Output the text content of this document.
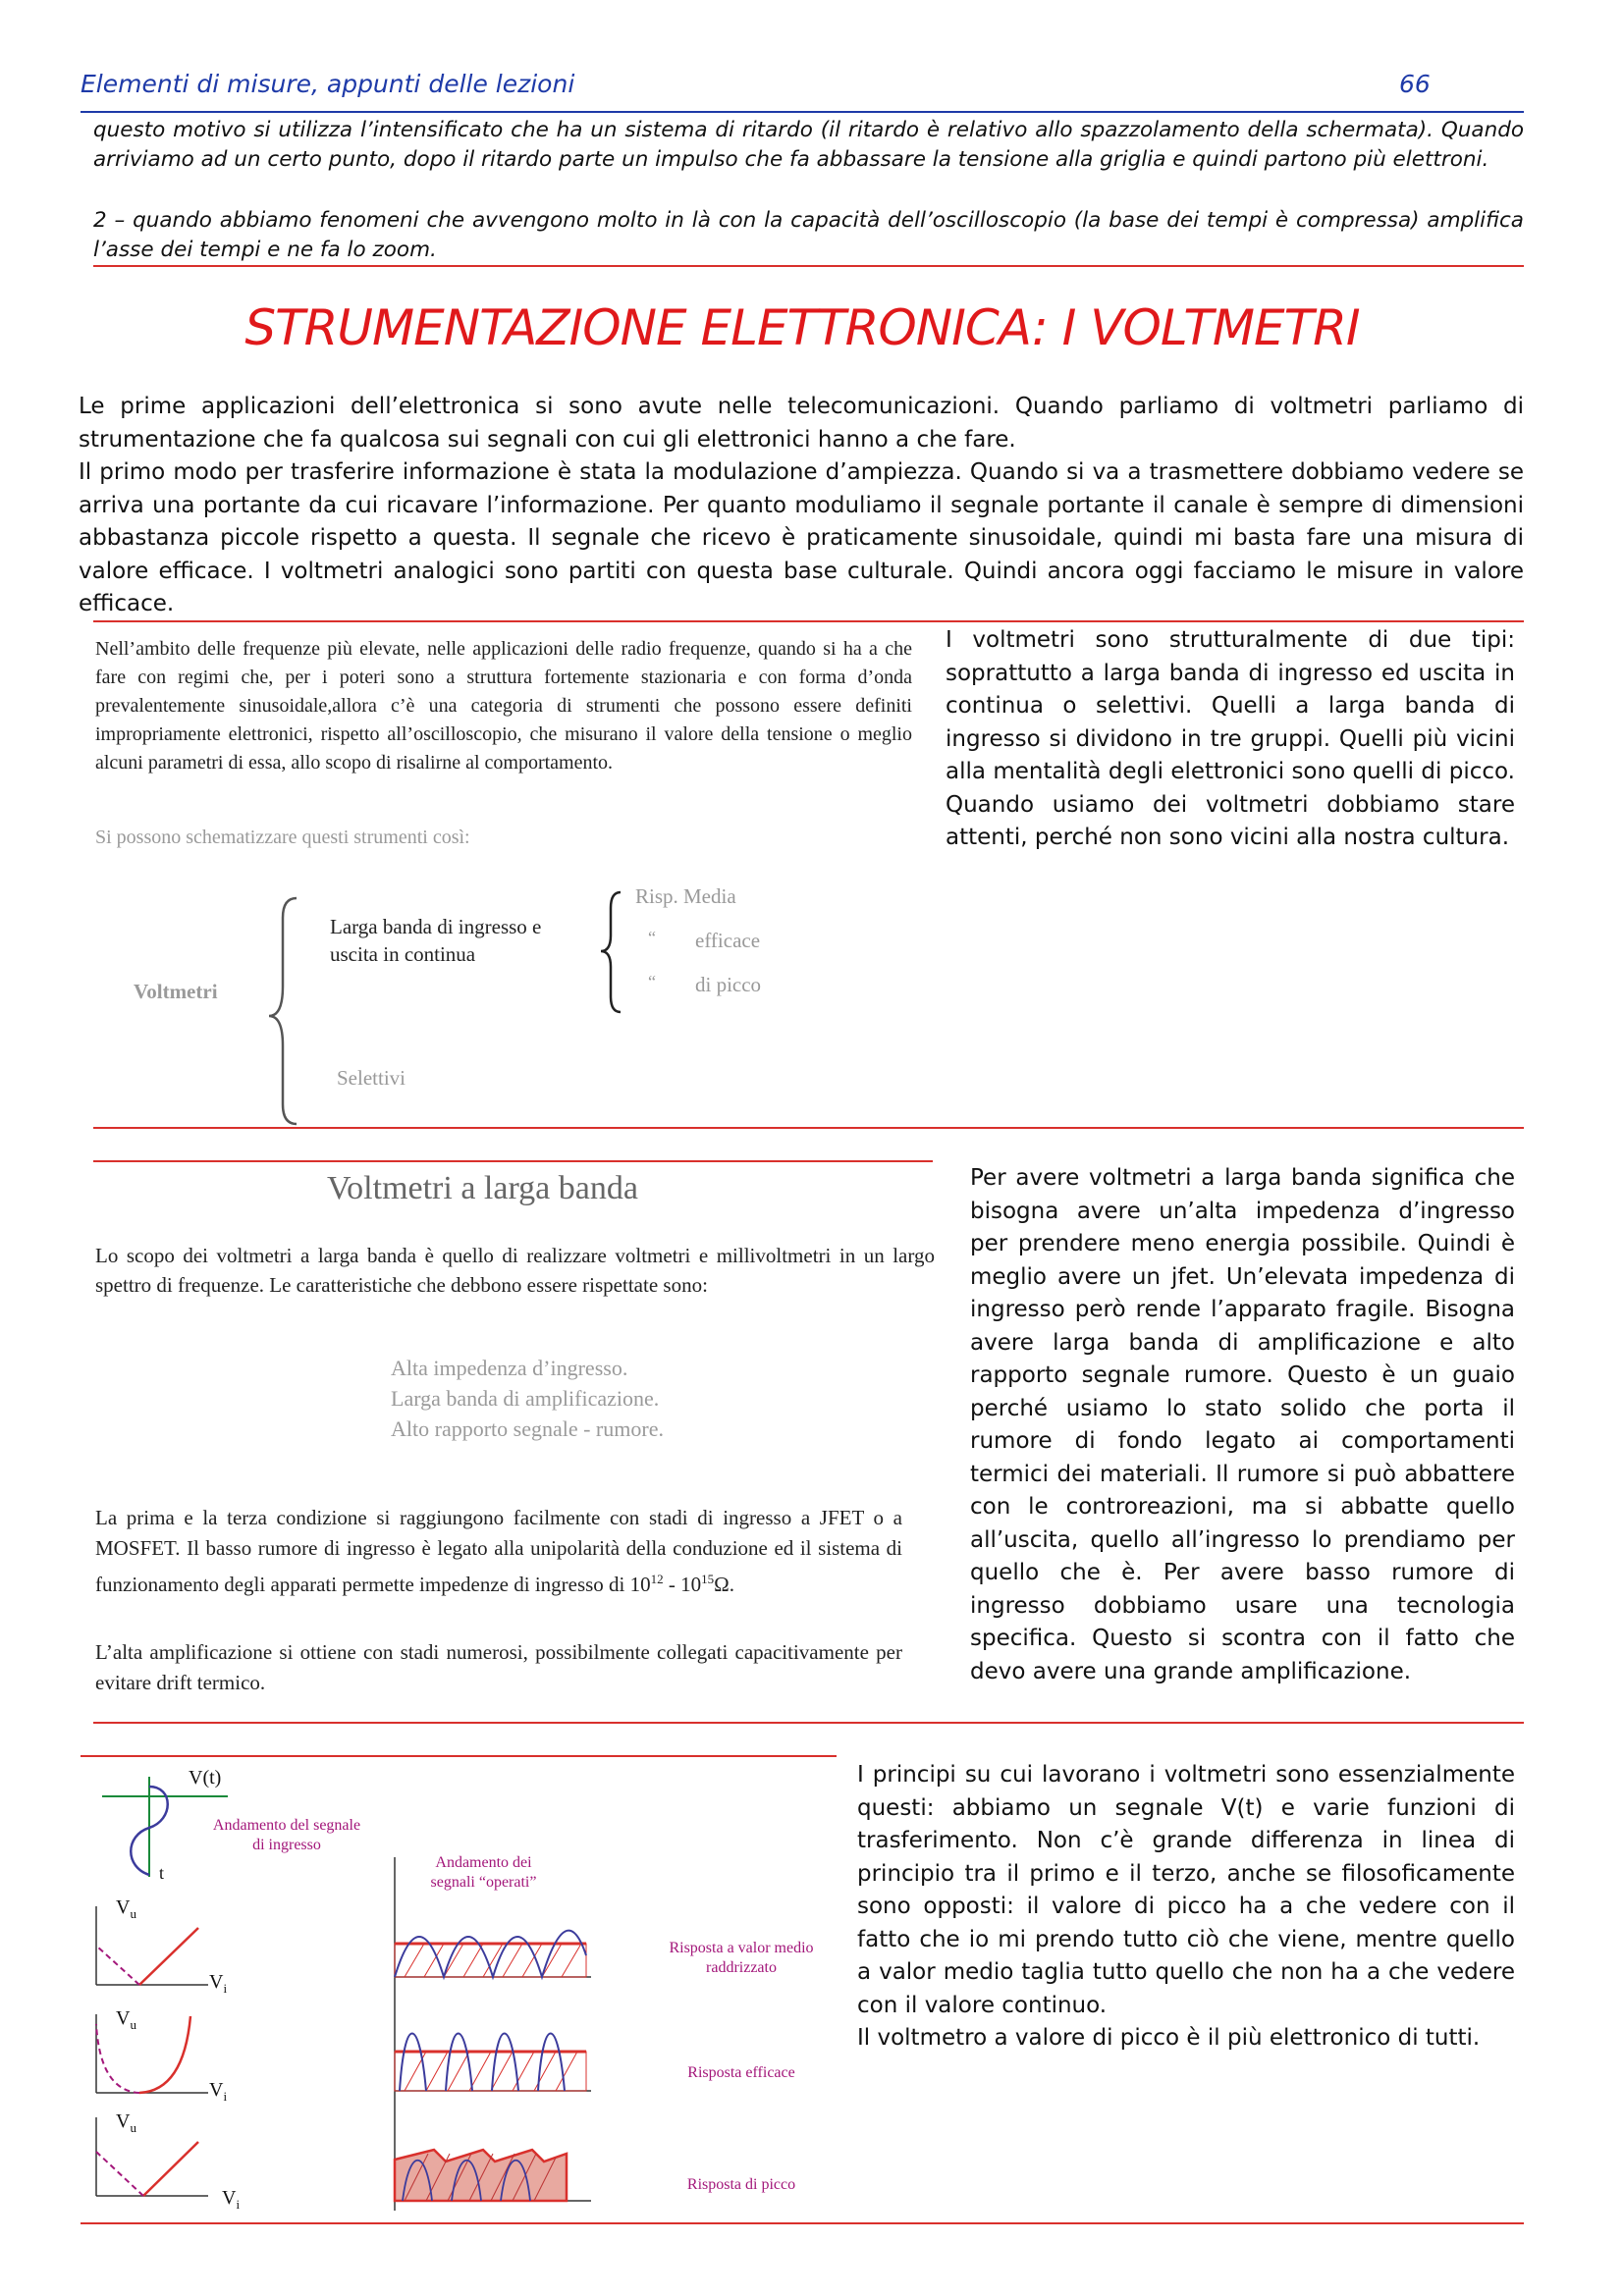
Elementi di misure, appunti delle lezioni	66
questo motivo si utilizza l’intensificato che ha un sistema di ritardo (il ritardo è relativo allo spazzolamento della schermata). Quando arriviamo ad un certo punto, dopo il ritardo parte un impulso che fa abbassare la tensione alla griglia e quindi partono più elettroni.
2 – quando abbiamo fenomeni che avvengono molto in là con la capacità dell’oscilloscopio (la base dei tempi è compressa) amplifica l’asse dei tempi e ne fa lo zoom.
STRUMENTAZIONE ELETTRONICA: I VOLTMETRI
Le prime applicazioni dell’elettronica si sono avute nelle telecomunicazioni. Quando parliamo di voltmetri parliamo di strumentazione che fa qualcosa sui segnali con cui gli elettronici hanno a che fare.
Il primo modo per trasferire informazione è stata la modulazione d’ampiezza. Quando si va a trasmettere dobbiamo vedere se arriva una portante da cui ricavare l’informazione. Per quanto moduliamo il segnale portante il canale è sempre di dimensioni abbastanza piccole rispetto a questa. Il segnale che ricevo è praticamente sinusoidale, quindi mi basta fare una misura di valore efficace. I voltmetri analogici sono partiti con questa base culturale. Quindi ancora oggi facciamo le misure in valore efficace.
Nell’ambito delle frequenze più elevate, nelle applicazioni delle radio frequenze, quando si ha a che fare con regimi che, per i poteri sono a struttura fortemente stazionaria e con forma d’onda prevalentemente sinusoidale,allora c’è una categoria di strumenti che possono essere definiti impropriamente elettronici, rispetto all’oscilloscopio, che misurano il valore della tensione o meglio alcuni parametri di essa, allo scopo di risalirne al comportamento.
Si possono schematizzare questi strumenti così:
Voltmetri
Larga banda di ingresso e uscita in continua
Selettivi
Risp. Media
“ efficace
“ di picco
I voltmetri sono strutturalmente di due tipi: soprattutto a larga banda di ingresso ed uscita in continua o selettivi. Quelli a larga banda di ingresso si dividono in tre gruppi. Quelli più vicini alla mentalità degli elettronici sono quelli di picco. Quando usiamo dei voltmetri dobbiamo stare attenti, perché non sono vicini alla nostra cultura.
Voltmetri a larga banda
Lo scopo dei voltmetri a larga banda è quello di realizzare voltmetri e millivoltmetri in un largo spettro di frequenze. Le caratteristiche che debbono essere rispettate sono:
Alta impedenza d’ingresso.
Larga banda di amplificazione.
Alto rapporto segnale - rumore.
La prima e la terza condizione si raggiungono facilmente con stadi di ingresso a JFET o a MOSFET. Il basso rumore di ingresso è legato alla unipolarità della conduzione ed il sistema di funzionamento degli apparati permette impedenze di ingresso di $10^{12} - 10^{15}\Omega$.
L’alta amplificazione si ottiene con stadi numerosi, possibilmente collegati capacitivamente per evitare drift termico.
Per avere voltmetri a larga banda significa che bisogna avere un’alta impedenza d’ingresso per prendere meno energia possibile. Quindi è meglio avere un jfet. Un’elevata impedenza di ingresso però rende l’apparato fragile. Bisogna avere larga banda di amplificazione e alto rapporto segnale rumore. Questo è un guaio perché usiamo lo stato solido che porta il rumore di fondo legato ai comportamenti termici dei materiali. Il rumore si può abbattere con le controreazioni, ma si abbatte quello all’uscita, quello all’ingresso lo prendiamo per quello che è. Per avere basso rumore di ingresso dobbiamo usare una tecnologia specifica. Questo si scontra con il fatto che devo avere una grande amplificazione.
V(t)
t
Andamento del segnale di ingresso
Andamento dei segnali “operati”
$V_u$
$V_i$
$V_u$
$V_i$
$V_u$
$V_i$
Risposta a valor medio raddrizzato
Risposta efficace
Risposta di picco
I principi su cui lavorano i voltmetri sono essenzialmente questi: abbiamo un segnale V(t) e varie funzioni di trasferimento. Non c’è grande differenza in linea di principio tra il primo e il terzo, anche se filosoficamente sono opposti: il valore di picco ha a che vedere con il fatto che io mi prendo tutto ciò che viene, mentre quello a valor medio taglia tutto quello che non ha a che vedere con il valore continuo.
Il voltmetro a valore di picco è il più elettronico di tutti.
